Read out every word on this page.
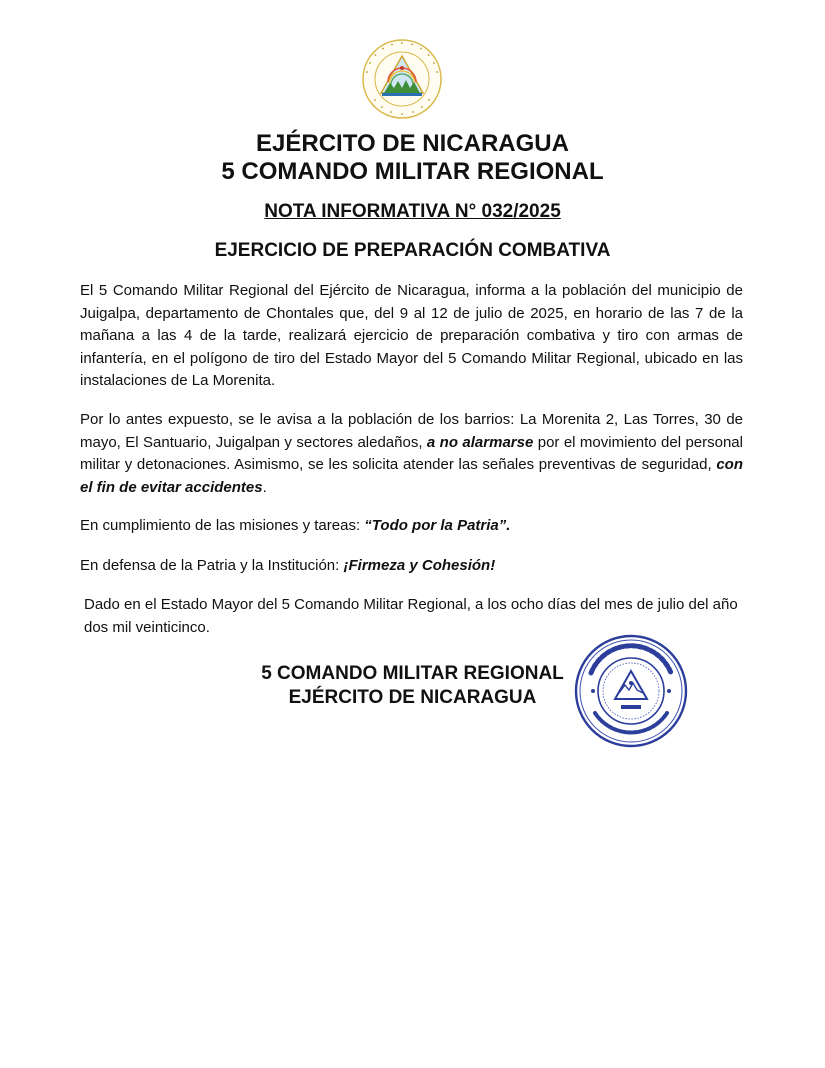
EJÉRCITO DE NICARAGUA
5 COMANDO MILITAR REGIONAL

NOTA INFORMATIVA N° 032/2025

EJERCICIO DE PREPARACIÓN COMBATIVA

El 5 Comando Militar Regional del Ejército de Nicaragua, informa a la población del municipio de Juigalpa, departamento de Chontales que, del 9 al 12 de julio de 2025, en horario de las 7 de la mañana a las 4 de la tarde, realizará ejercicio de preparación combativa y tiro con armas de infantería, en el polígono de tiro del Estado Mayor del 5 Comando Militar Regional, ubicado en las instalaciones de La Morenita.

Por lo antes expuesto, se le avisa a la población de los barrios: La Morenita 2, Las Torres, 30 de mayo, El Santuario, Juigalpan y sectores aledaños, a no alarmarse por el movimiento del personal militar y detonaciones. Asimismo, se les solicita atender las señales preventivas de seguridad, con el fin de evitar accidentes.

En cumplimiento de las misiones y tareas: “Todo por la Patria”.

En defensa de la Patria y la Institución: ¡Firmeza y Cohesión!

Dado en el Estado Mayor del 5 Comando Militar Regional, a los ocho días del mes de julio del año dos mil veinticinco.

5 COMANDO MILITAR REGIONAL

EJÉRCITO DE NICARAGUA
